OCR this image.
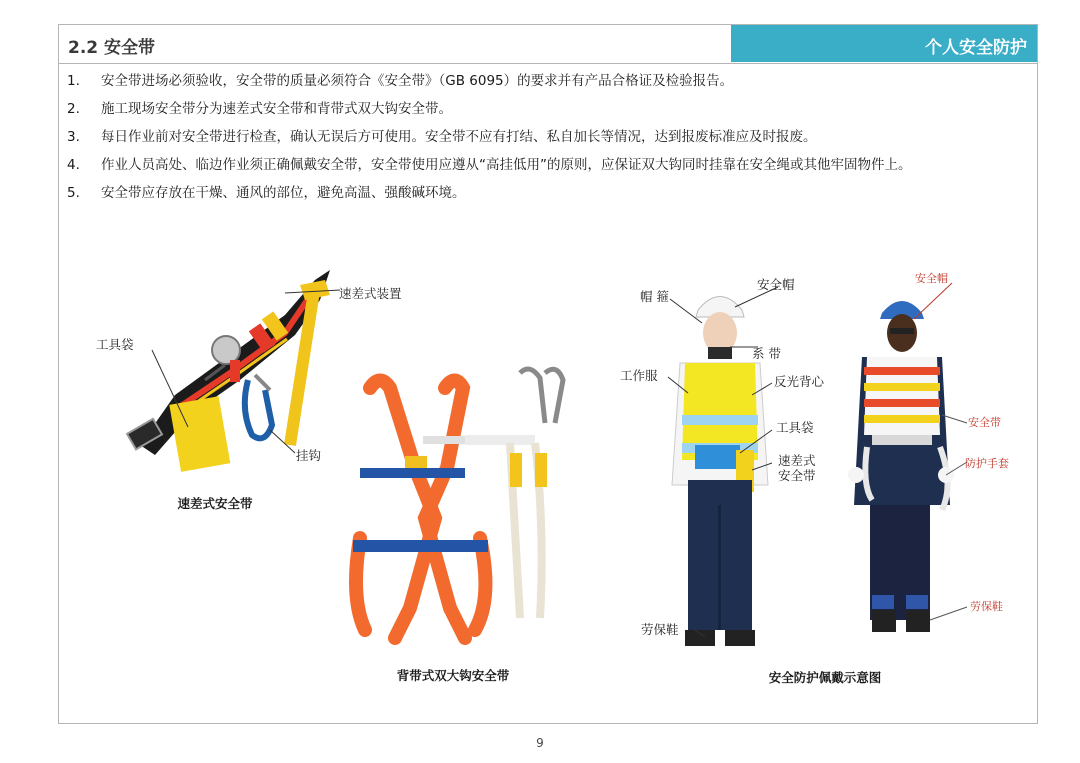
2.2 安全带	个人安全防护
1. 安全带进场必须验收，安全带的质量必须符合《安全带》（GB 6095）的要求并有产品合格证及检验报告。
2. 施工现场安全带分为速差式安全带和背带式双大钩安全带。
3. 每日作业前对安全带进行检查，确认无误后方可使用。安全带不应有打结、私自加长等情况，达到报废标准应及时报废。
4. 作业人员高处、临边作业须正确佩戴安全带，安全带使用应遵从“高挂低用”的原则，应保证双大钩同时挂靠在安全绳或其他牢固物件上。
5. 安全带应存放在干燥、通风的部位，避免高温、强酸碱环境。
速差式装置
工具袋
挂钩
速差式安全带
背带式双大钩安全带
帽 箍
安全帽
系 带
工作服	反光背心
工具袋
速差式
安全带
劳保鞋
安全防护佩戴示意图
安全帽
安全带
防护手套
劳保鞋
9
